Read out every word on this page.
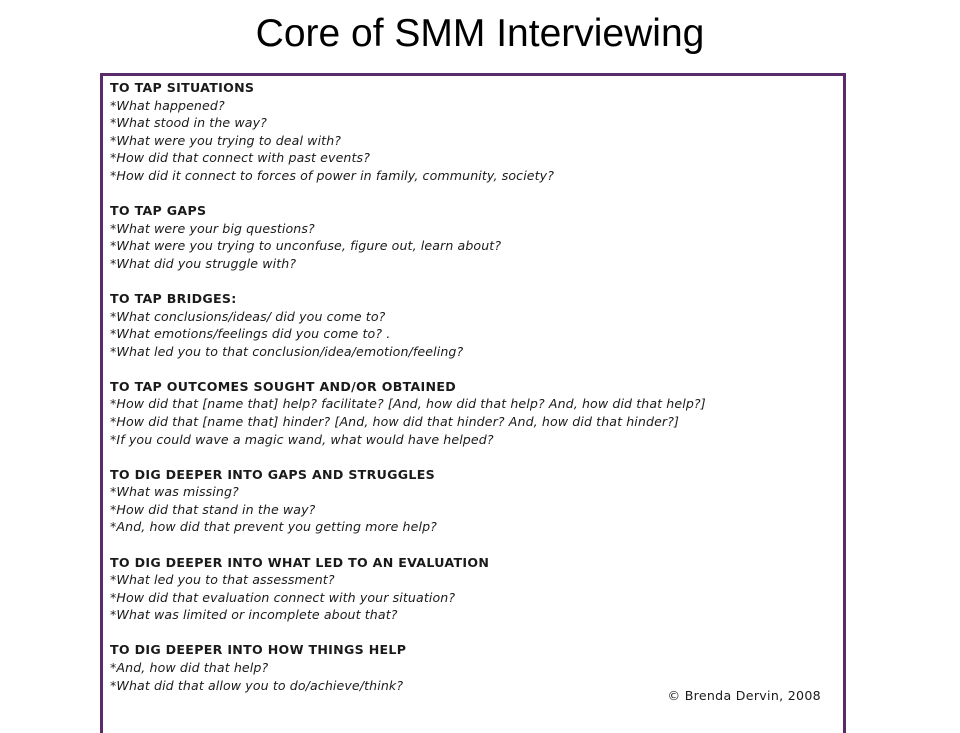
Core of SMM Interviewing
TO TAP SITUATIONS
*What happened?
*What stood in the way?
*What were you trying to deal with?
*How did that connect with past events?
*How did it connect to forces of power in family, community, society?
TO TAP GAPS
*What were your big questions?
*What were you trying to unconfuse, figure out, learn about?
*What did you struggle with?
TO TAP BRIDGES:
*What conclusions/ideas/ did you come to?
*What emotions/feelings did you come to? .
*What led you to that conclusion/idea/emotion/feeling?
TO TAP OUTCOMES SOUGHT AND/OR OBTAINED
*How did that [name that] help? facilitate? [And, how did that help? And, how did that help?]
*How did that [name that] hinder? [And, how did that hinder? And, how did that hinder?]
*If you could wave a magic wand, what would have helped?
TO DIG DEEPER INTO GAPS AND STRUGGLES
*What was missing?
*How did that stand in the way?
*And, how did that prevent you getting more help?
TO DIG DEEPER INTO WHAT LED TO AN EVALUATION
*What led you to that assessment?
*How did that evaluation connect with your situation?
*What was limited or incomplete about that?
TO DIG DEEPER INTO HOW THINGS HELP
*And, how did that help?
*What did that allow you to do/achieve/think?
© Brenda Dervin, 2008
